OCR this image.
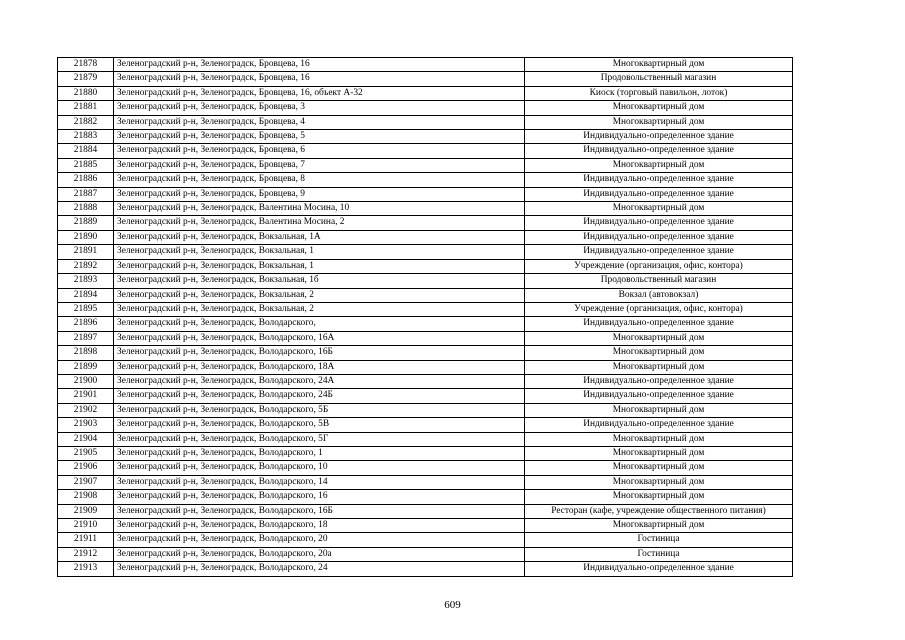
21878	Зеленоградский р-н, Зеленоградск, Бровцева, 16	Многоквартирный дом
21879	Зеленоградский р-н, Зеленоградск, Бровцева, 16	Продовольственный магазин
21880	Зеленоградский р-н, Зеленоградск, Бровцева, 16, объект А-32	Киоск (торговый павильон, лоток)
21881	Зеленоградский р-н, Зеленоградск, Бровцева, 3	Многоквартирный дом
21882	Зеленоградский р-н, Зеленоградск, Бровцева, 4	Многоквартирный дом
21883	Зеленоградский р-н, Зеленоградск, Бровцева, 5	Индивидуально-определенное здание
21884	Зеленоградский р-н, Зеленоградск, Бровцева, 6	Индивидуально-определенное здание
21885	Зеленоградский р-н, Зеленоградск, Бровцева, 7	Многоквартирный дом
21886	Зеленоградский р-н, Зеленоградск, Бровцева, 8	Индивидуально-определенное здание
21887	Зеленоградский р-н, Зеленоградск, Бровцева, 9	Индивидуально-определенное здание
21888	Зеленоградский р-н, Зеленоградск, Валентина Мосина, 10	Многоквартирный дом
21889	Зеленоградский р-н, Зеленоградск, Валентина Мосина, 2	Индивидуально-определенное здание
21890	Зеленоградский р-н, Зеленоградск, Вокзальная, 1А	Индивидуально-определенное здание
21891	Зеленоградский р-н, Зеленоградск, Вокзальная, 1	Индивидуально-определенное здание
21892	Зеленоградский р-н, Зеленоградск, Вокзальная, 1	Учреждение (организация, офис, контора)
21893	Зеленоградский р-н, Зеленоградск, Вокзальная, 1б	Продовольственный магазин
21894	Зеленоградский р-н, Зеленоградск, Вокзальная, 2	Вокзал (автовокзал)
21895	Зеленоградский р-н, Зеленоградск, Вокзальная, 2	Учреждение (организация, офис, контора)
21896	Зеленоградский р-н, Зеленоградск, Володарского,	Индивидуально-определенное здание
21897	Зеленоградский р-н, Зеленоградск, Володарского, 16А	Многоквартирный дом
21898	Зеленоградский р-н, Зеленоградск, Володарского, 16Б	Многоквартирный дом
21899	Зеленоградский р-н, Зеленоградск, Володарского, 18А	Многоквартирный дом
21900	Зеленоградский р-н, Зеленоградск, Володарского, 24А	Индивидуально-определенное здание
21901	Зеленоградский р-н, Зеленоградск, Володарского, 24Б	Индивидуально-определенное здание
21902	Зеленоградский р-н, Зеленоградск, Володарского, 5Б	Многоквартирный дом
21903	Зеленоградский р-н, Зеленоградск, Володарского, 5В	Индивидуально-определенное здание
21904	Зеленоградский р-н, Зеленоградск, Володарского, 5Г	Многоквартирный дом
21905	Зеленоградский р-н, Зеленоградск, Володарского, 1	Многоквартирный дом
21906	Зеленоградский р-н, Зеленоградск, Володарского, 10	Многоквартирный дом
21907	Зеленоградский р-н, Зеленоградск, Володарского, 14	Многоквартирный дом
21908	Зеленоградский р-н, Зеленоградск, Володарского, 16	Многоквартирный дом
21909	Зеленоградский р-н, Зеленоградск, Володарского, 16Б	Ресторан (кафе, учреждение общественного питания)
21910	Зеленоградский р-н, Зеленоградск, Володарского, 18	Многоквартирный дом
21911	Зеленоградский р-н, Зеленоградск, Володарского, 20	Гостиница
21912	Зеленоградский р-н, Зеленоградск, Володарского, 20а	Гостиница
21913	Зеленоградский р-н, Зеленоградск, Володарского, 24	Индивидуально-определенное здание
609
